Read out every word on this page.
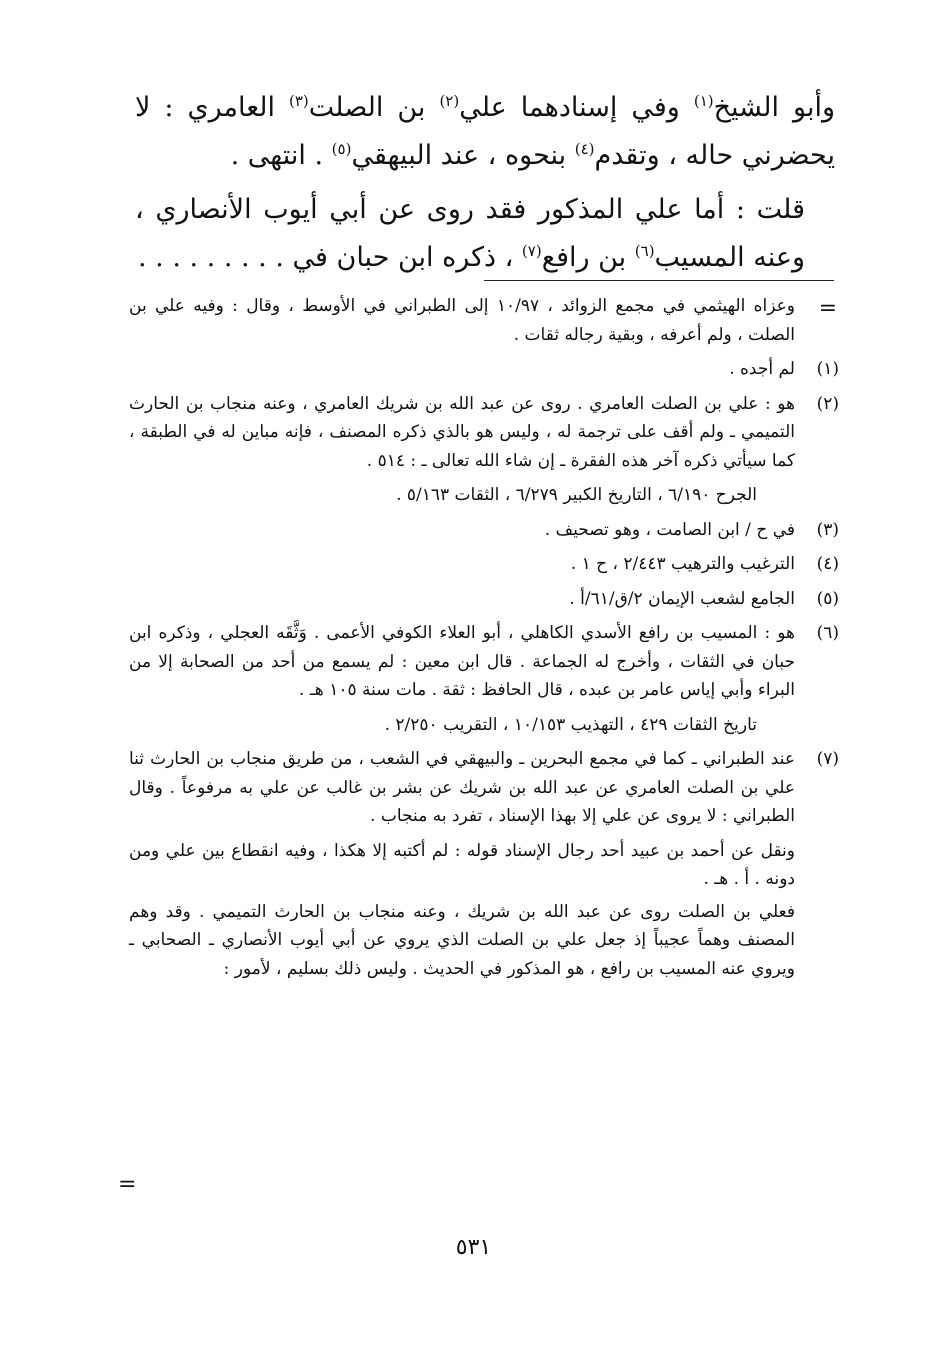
وأبو الشيخ$^{(١)}$ وفي إسنادهما علي$^{(٢)}$ بن الصلت$^{(٣)}$ العامري : لا يحضرني حاله ، وتقدم$^{(٤)}$ بنحوه ، عند البيهقي$^{(٥)}$ . انتهى .

قلت : أما علي المذكور فقد روى عن أبي أيوب الأنصاري ، وعنه المسيب$^{(٦)}$ بن رافع$^{(٧)}$ ، ذكره ابن حبان في . . . . . . . . .

=
وعزاه الهيثمي في مجمع الزوائد ، ١٠/٩٧ إلى الطبراني في الأوسط ، وقال : وفيه علي بن الصلت ، ولم أعرفه ، وبقية رجاله ثقات .
(١)
لم أجده .
(٢)
هو : علي بن الصلت العامري . روى عن عبد الله بن شريك العامري ، وعنه منجاب بن الحارث التميمي ـ ولم أقف على ترجمة له ، وليس هو بالذي ذكره المصنف ، فإنه مباين له في الطبقة ، كما سيأتي ذكره آخر هذه الفقرة ـ إن شاء الله تعالى ـ : ٥١٤ .
الجرح ٦/١٩٠ ، التاريخ الكبير ٦/٢٧٩ ، الثقات ٥/١٦٣ .
(٣)
في ح / ابن الصامت ، وهو تصحيف .
(٤)
الترغيب والترهيب ٢/٤٤٣ ، ح ١ .
(٥)
الجامع لشعب الإيمان ٢/ق/٦١/أ .
(٦)
هو : المسيب بن رافع الأسدي الكاهلي ، أبو العلاء الكوفي الأعمى . وَثَّقَه العجلي ، وذكره ابن حبان في الثقات ، وأخرج له الجماعة . قال ابن معين : لم يسمع من أحد من الصحابة إلا من البراء وأبي إياس عامر بن عبده ، قال الحافظ : ثقة . مات سنة ١٠٥ هـ .
تاريخ الثقات ٤٢٩ ، التهذيب ١٠/١٥٣ ، التقريب ٢/٢٥٠ .
(٧)
عند الطبراني ـ كما في مجمع البحرين ـ والبيهقي في الشعب ، من طريق منجاب بن الحارث ثنا علي بن الصلت العامري عن عبد الله بن شريك عن بشر بن غالب عن علي به مرفوعاً . وقال الطبراني : لا يروى عن علي إلا بهذا الإسناد ، تفرد به منجاب .
ونقل عن أحمد بن عبيد أحد رجال الإسناد قوله : لم أكتبه إلا هكذا ، وفيه انقطاع بين علي ومن دونه . أ . هـ .
فعلي بن الصلت روى عن عبد الله بن شريك ، وعنه منجاب بن الحارث التميمي . وقد وهم المصنف وهماً عجيباً إذ جعل علي بن الصلت الذي يروي عن أبي أيوب الأنصاري ـ الصحابي ـ ويروي عنه المسيب بن رافع ، هو المذكور في الحديث . وليس ذلك بسليم ، لأمور :
=
٥٣١
